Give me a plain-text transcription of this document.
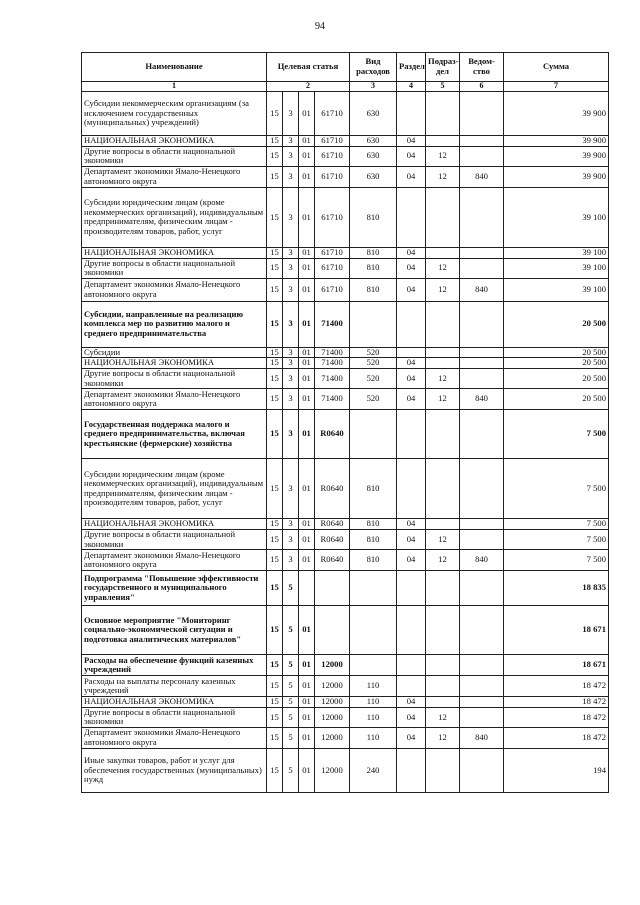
94
Наименование	Целевая статья				Вид расходов	Раздел	Подраз-дел	Ведом-ство	Сумма
1	2				3	4	5	6	7
Субсидии некоммерческим организациям (за исключением государственных (муниципальных) учреждений)	15	3	01	61710	630				39 900
НАЦИОНАЛЬНАЯ ЭКОНОМИКА	15	3	01	61710	630	04			39 900
Другие вопросы в области национальной экономики	15	3	01	61710	630	04	12		39 900
Департамент экономики Ямало-Ненецкого автономного округа	15	3	01	61710	630	04	12	840	39 900
Субсидии юридическим лицам (кроме некоммерческих организаций), индивидуальным предпринимателям, физическим лицам - производителям товаров, работ, услуг	15	3	01	61710	810				39 100
НАЦИОНАЛЬНАЯ ЭКОНОМИКА	15	3	01	61710	810	04			39 100
Другие вопросы в области национальной экономики	15	3	01	61710	810	04	12		39 100
Департамент экономики Ямало-Ненецкого автономного округа	15	3	01	61710	810	04	12	840	39 100
Субсидии, направленные на реализацию комплекса мер по развитию малого и среднего предпринимательства	15	3	01	71400					20 500
Субсидии	15	3	01	71400	520				20 500
НАЦИОНАЛЬНАЯ ЭКОНОМИКА	15	3	01	71400	520	04			20 500
Другие вопросы в области национальной экономики	15	3	01	71400	520	04	12		20 500
Департамент экономики Ямало-Ненецкого автономного округа	15	3	01	71400	520	04	12	840	20 500
Государственная поддержка малого и среднего предпринимательства, включая крестьянские (фермерские) хозяйства	15	3	01	R0640					7 500
Субсидии юридическим лицам (кроме некоммерческих организаций), индивидуальным предпринимателям, физическим лицам - производителям товаров, работ, услуг	15	3	01	R0640	810				7 500
НАЦИОНАЛЬНАЯ ЭКОНОМИКА	15	3	01	R0640	810	04			7 500
Другие вопросы в области национальной экономики	15	3	01	R0640	810	04	12		7 500
Департамент экономики Ямало-Ненецкого автономного округа	15	3	01	R0640	810	04	12	840	7 500
Подпрограмма "Повышение эффективности государственного и муниципального управления"	15	5							18 835
Основное мероприятие "Мониторинг социально-экономической ситуации и подготовка аналитических материалов"	15	5	01						18 671
Расходы на обеспечение функций казенных учреждений	15	5	01	12000					18 671
Расходы на выплаты персоналу казенных учреждений	15	5	01	12000	110				18 472
НАЦИОНАЛЬНАЯ ЭКОНОМИКА	15	5	01	12000	110	04			18 472
Другие вопросы в области национальной экономики	15	5	01	12000	110	04	12		18 472
Департамент экономики Ямало-Ненецкого автономного округа	15	5	01	12000	110	04	12	840	18 472
Иные закупки товаров, работ и услуг для обеспечения государственных (муниципальных) нужд	15	5	01	12000	240				194
